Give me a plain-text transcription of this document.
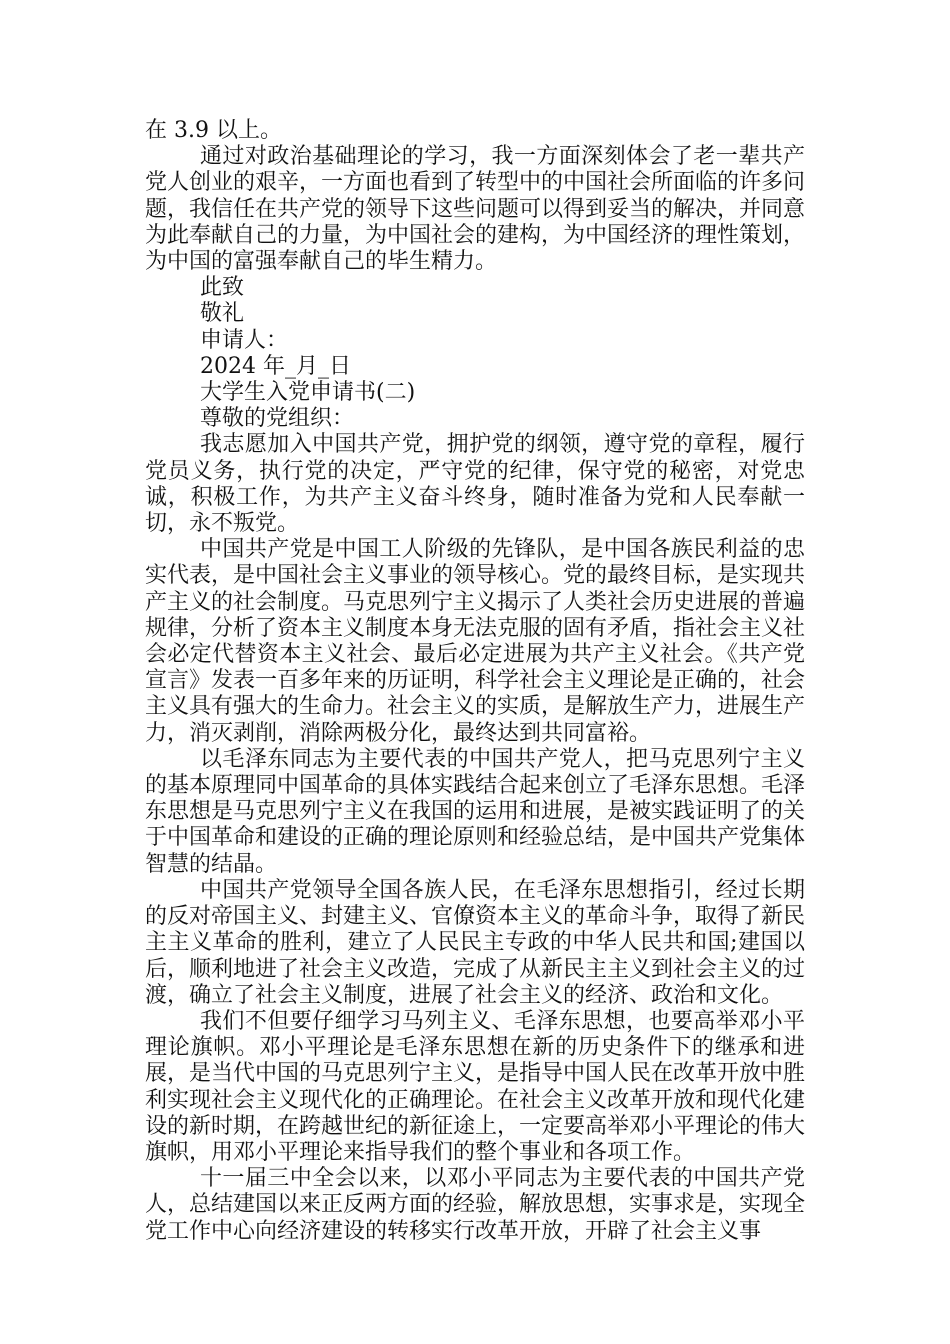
在 3.9 以上。

通过对政治基础理论的学习，我一方面深刻体会了老一辈共产党人创业的艰辛，一方面也看到了转型中的中国社会所面临的许多问题，我信任在共产党的领导下这些问题可以得到妥当的解决，并同意为此奉献自己的力量，为中国社会的建构，为中国经济的理性策划，为中国的富强奉献自己的毕生精力。

此致

敬礼

申请人：

2024 年_月_日

大学生入党申请书(二)

尊敬的党组织：

我志愿加入中国共产党，拥护党的纲领，遵守党的章程，履行党员义务，执行党的决定，严守党的纪律，保守党的秘密，对党忠诚，积极工作，为共产主义奋斗终身，随时准备为党和人民奉献一切，永不叛党。

中国共产党是中国工人阶级的先锋队，是中国各族民利益的忠实代表，是中国社会主义事业的领导核心。党的最终目标，是实现共产主义的社会制度。马克思列宁主义揭示了人类社会历史进展的普遍规律，分析了资本主义制度本身无法克服的固有矛盾，指社会主义社会必定代替资本主义社会、最后必定进展为共产主义社会。《共产党宣言》发表一百多年来的历证明，科学社会主义理论是正确的，社会主义具有强大的生命力。社会主义的实质，是解放生产力，进展生产力，消灭剥削，消除两极分化，最终达到共同富裕。

以毛泽东同志为主要代表的中国共产党人，把马克思列宁主义的基本原理同中国革命的具体实践结合起来创立了毛泽东思想。毛泽东思想是马克思列宁主义在我国的运用和进展，是被实践证明了的关于中国革命和建设的正确的理论原则和经验总结，是中国共产党集体智慧的结晶。

中国共产党领导全国各族人民，在毛泽东思想指引，经过长期的反对帝国主义、封建主义、官僚资本主义的革命斗争，取得了新民主主义革命的胜利，建立了人民民主专政的中华人民共和国;建国以后，顺利地进了社会主义改造，完成了从新民主主义到社会主义的过渡，确立了社会主义制度，进展了社会主义的经济、政治和文化。

我们不但要仔细学习马列主义、毛泽东思想，也要高举邓小平理论旗帜。邓小平理论是毛泽东思想在新的历史条件下的继承和进展，是当代中国的马克思列宁主义，是指导中国人民在改革开放中胜利实现社会主义现代化的正确理论。在社会主义改革开放和现代化建设的新时期，在跨越世纪的新征途上，一定要高举邓小平理论的伟大旗帜，用邓小平理论来指导我们的整个事业和各项工作。

十一届三中全会以来，以邓小平同志为主要代表的中国共产党人，总结建国以来正反两方面的经验，解放思想，实事求是，实现全党工作中心向经济建设的转移实行改革开放，开辟了社会主义事
